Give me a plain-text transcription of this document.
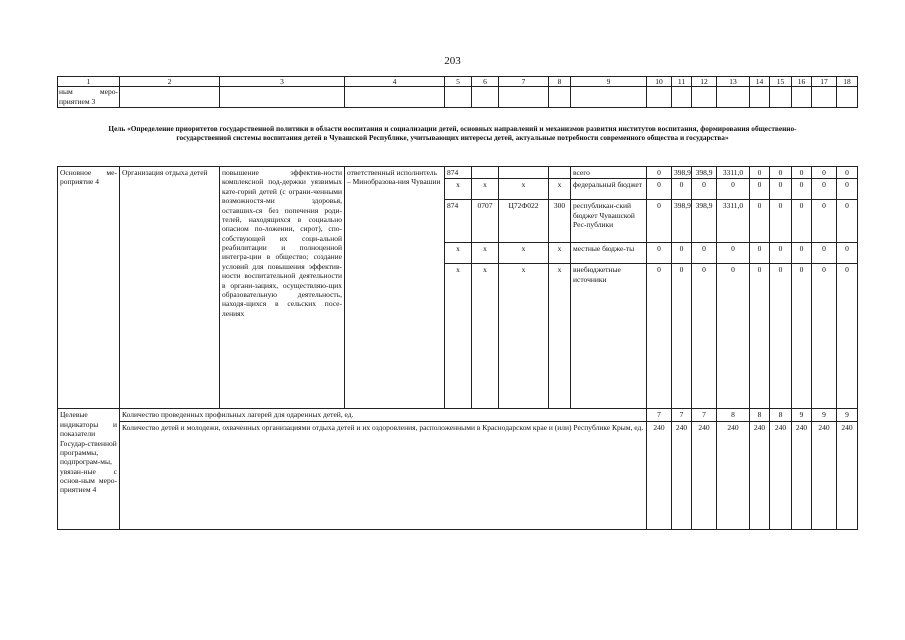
203
1	2	3	4	5	6	7	8	9	10	11	12	13	14	15	16	17	18
ным меро-приятием 3																	
Цель «Определение приоритетов государственной политики в области воспитания и социализации детей, основных направлений и механизмов развития институтов воспитания, формирования общественно-государственной системы воспитания детей в Чувашской Республике, учитывающих интересы детей, актуальные потребности современного общества и государства»
Основное ме-роприятие 4	Организация отдыха детей	повышение эффектив-ности комплексной под-держки уязвимых кате-горий детей (с ограни-ченными возможностя-ми здоровья, оставших-ся без попечения роди-телей, находящихся в социально опасном по-ложении, сирот), спо-собствующей их соци-альной реабилитации и полноценной интегра-ции в общество; создание условий для повышения эффектив-ности воспитательной деятельности в органи-зациях, осуществляю-щих образовательную деятельность, находя-щихся в сельских посе-лениях	ответственный исполнитель – Минобразова-ния Чувашии	874				всего	0	398,9	398,9	3311,0	0	0	0	0	0
				x	x	x	x	федеральный бюджет	0	0	0	0	0	0	0	0	0
				874	0707	Ц72Ф022	300	республикан-ский бюджет Чувашской Рес-публики	0	398,9	398,9	3311,0	0	0	0	0	0
				x	x	x	x	местные бюдже-ты	0	0	0	0	0	0	0	0	0
				x	x	x	x	внебюджетные источники	0	0	0	0	0	0	0	0	0
Целевые индикаторы и показатели Государ-ственной программы, подпрограм-мы, увязан-ные с основ-ным меро-приятием 4	Количество проведенных профильных лагерей для одаренных детей, ед.								7	7	7	8	8	8	9	9	9
	Количество детей и молодежи, охваченных организациями отдыха детей и их оздоровления, расположенными в Краснодарском крае и (или) Республике Крым, ед.								240	240	240	240	240	240	240	240	240
